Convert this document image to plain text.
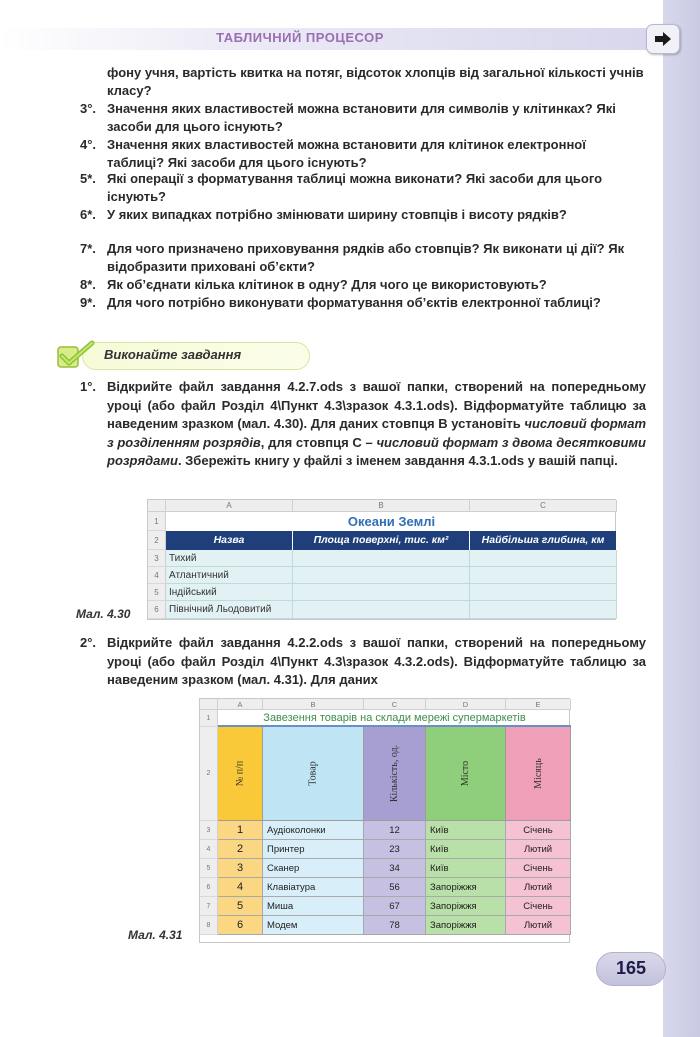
ТАБЛИЧНИЙ ПРОЦЕСОР
фону учня, вартість квитка на потяг, відсоток хлопців від загальної кількості учнів класу?
3°. Значення яких властивостей можна встановити для символів у клітинках? Які засоби для цього існують?
4°. Значення яких властивостей можна встановити для клітинок електронної таблиці? Які засоби для цього існують?
5*. Які операції з форматування таблиці можна виконати? Які засоби для цього існують?
6*. У яких випадках потрібно змінювати ширину стовпців і висоту рядків?
7*. Для чого призначено приховування рядків або стовпців? Як виконати ці дії? Як відобразити приховані об’єкти?
8*. Як об’єднати кілька клітинок в одну? Для чого це використовують?
9*. Для чого потрібно виконувати форматування об’єктів електронної таблиці?
Виконайте завдання
1°. Відкрийте файл завдання 4.2.7.ods з вашої папки, створений на попередньому уроці (або файл Розділ 4\Пункт 4.3\зразок 4.3.1.ods). Відформатуйте таблицю за наведеним зразком (мал. 4.30). Для даних стовпця B установіть числовий формат з розділенням розрядів, для стовпця C – числовий формат з двома десятковими розрядами. Збережіть книгу у файлі з іменем завдання 4.3.1.ods у вашій папці.
A	B	C
1
2
3
4
5
6
Океани Землі
Назва	Площа поверхні, тис. км²	Найбільша глибина, км
Тихий
Атлантичний
Індійський
Північний Льодовитий
Мал. 4.30
2°. Відкрийте файл завдання 4.2.2.ods з вашої папки, створений на попередньому уроці (або файл Розділ 4\Пункт 4.3\зразок 4.3.2.ods). Відформатуйте таблицю за наведеним зразком (мал. 4.31). Для даних
A	B	C	D	E
1
2
3
4
5
6
7
8
Завезення товарів на склади мережі супермаркетів
№ п/п	Товар	Кількість, од.	Місто	Місяць
1	Аудіоколонки	12	Київ	Січень
2	Принтер	23	Київ	Лютий
3	Сканер	34	Київ	Січень
4	Клавіатура	56	Запоріжжя	Лютий
5	Миша	67	Запоріжжя	Січень
6	Модем	78	Запоріжжя	Лютий
Мал. 4.31
165
